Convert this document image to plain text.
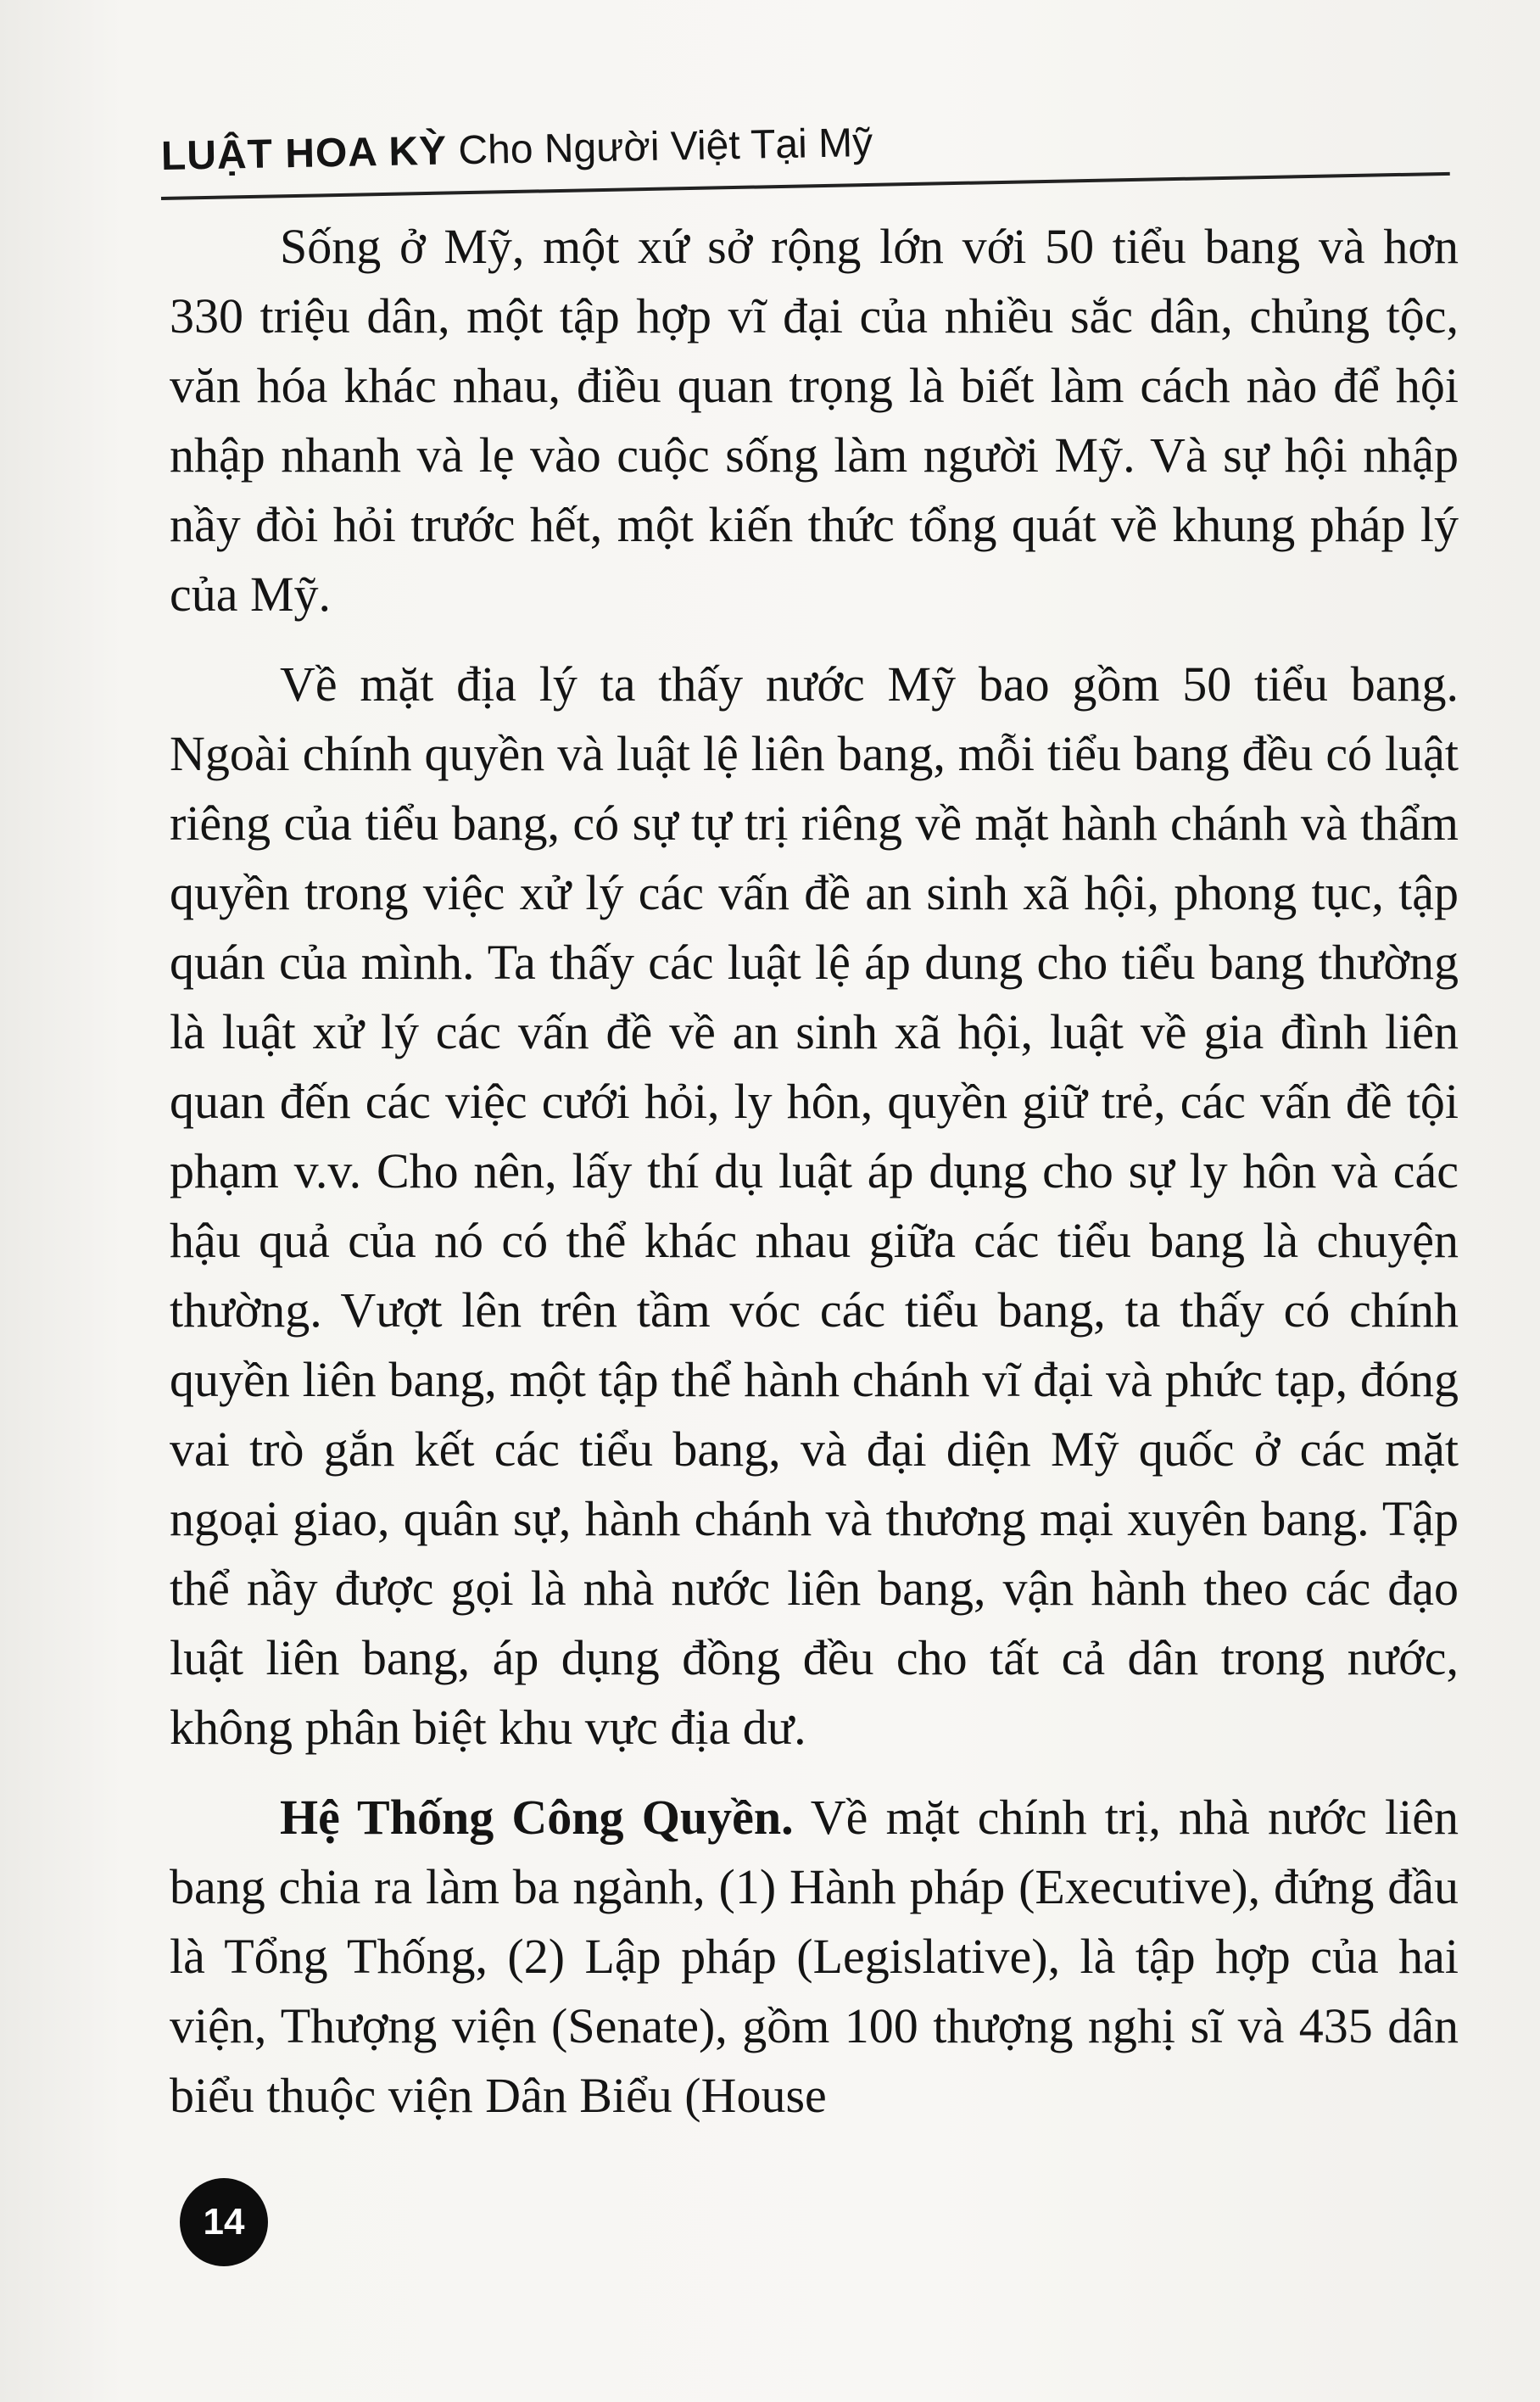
LUẬT HOA KỲ Cho Người Việt Tại Mỹ

Sống ở Mỹ, một xứ sở rộng lớn với 50 tiểu bang và hơn 330 triệu dân, một tập hợp vĩ đại của nhiều sắc dân, chủng tộc, văn hóa khác nhau, điều quan trọng là biết làm cách nào để hội nhập nhanh và lẹ vào cuộc sống làm người Mỹ. Và sự hội nhập nầy đòi hỏi trước hết, một kiến thức tổng quát về khung pháp lý của Mỹ.

Về mặt địa lý ta thấy nước Mỹ bao gồm 50 tiểu bang. Ngoài chính quyền và luật lệ liên bang, mỗi tiểu bang đều có luật riêng của tiểu bang, có sự tự trị riêng về mặt hành chánh và thẩm quyền trong việc xử lý các vấn đề an sinh xã hội, phong tục, tập quán của mình. Ta thấy các luật lệ áp dung cho tiểu bang thường là luật xử lý các vấn đề về an sinh xã hội, luật về gia đình liên quan đến các việc cưới hỏi, ly hôn, quyền giữ trẻ, các vấn đề tội phạm v.v. Cho nên, lấy thí dụ luật áp dụng cho sự ly hôn và các hậu quả của nó có thể khác nhau giữa các tiểu bang là chuyện thường. Vượt lên trên tầm vóc các tiểu bang, ta thấy có chính quyền liên bang, một tập thể hành chánh vĩ đại và phức tạp, đóng vai trò gắn kết các tiểu bang, và đại diện Mỹ quốc ở các mặt ngoại giao, quân sự, hành chánh và thương mại xuyên bang. Tập thể nầy được gọi là nhà nước liên bang, vận hành theo các đạo luật liên bang, áp dụng đồng đều cho tất cả dân trong nước, không phân biệt khu vực địa dư.

Hệ Thống Công Quyền. Về mặt chính trị, nhà nước liên bang chia ra làm ba ngành, (1) Hành pháp (Executive), đứng đầu là Tổng Thống, (2) Lập pháp (Legislative), là tập hợp của hai viện, Thượng viện (Senate), gồm 100 thượng nghị sĩ và 435 dân biểu thuộc viện Dân Biểu (House

14
